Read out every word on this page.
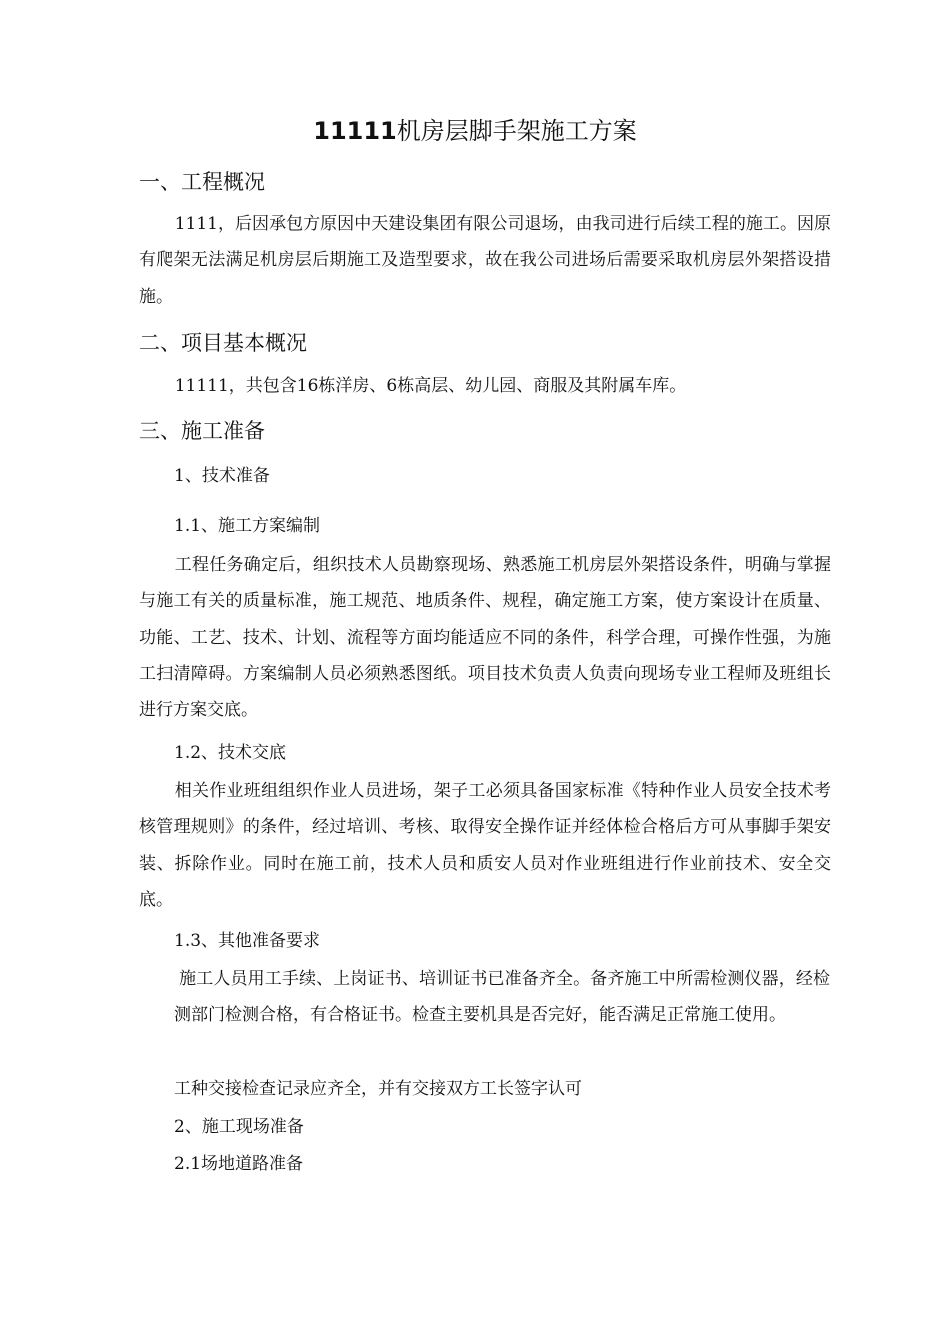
11111机房层脚手架施工方案
一、工程概况
1111，后因承包方原因中天建设集团有限公司退场，由我司进行后续工程的施工。因原有爬架无法满足机房层后期施工及造型要求，故在我公司进场后需要采取机房层外架搭设措施。
二、项目基本概况
11111，共包含16栋洋房、6栋高层、幼儿园、商服及其附属车库。
三、施工准备
1、技术准备
1.1、施工方案编制
工程任务确定后，组织技术人员勘察现场、熟悉施工机房层外架搭设条件，明确与掌握与施工有关的质量标准，施工规范、地质条件、规程，确定施工方案，使方案设计在质量、功能、工艺、技术、计划、流程等方面均能适应不同的条件，科学合理，可操作性强，为施工扫清障碍。方案编制人员必须熟悉图纸。项目技术负责人负责向现场专业工程师及班组长进行方案交底。
1.2、技术交底
相关作业班组组织作业人员进场，架子工必须具备国家标准《特种作业人员安全技术考核管理规则》的条件，经过培训、考核、取得安全操作证并经体检合格后方可从事脚手架安装、拆除作业。同时在施工前，技术人员和质安人员对作业班组进行作业前技术、安全交底。
1.3、其他准备要求
施工人员用工手续、上岗证书、培训证书已准备齐全。备齐施工中所需检测仪器，经检测部门检测合格，有合格证书。检查主要机具是否完好，能否满足正常施工使用。
工种交接检查记录应齐全，并有交接双方工长签字认可
2、施工现场准备
2.1场地道路准备
